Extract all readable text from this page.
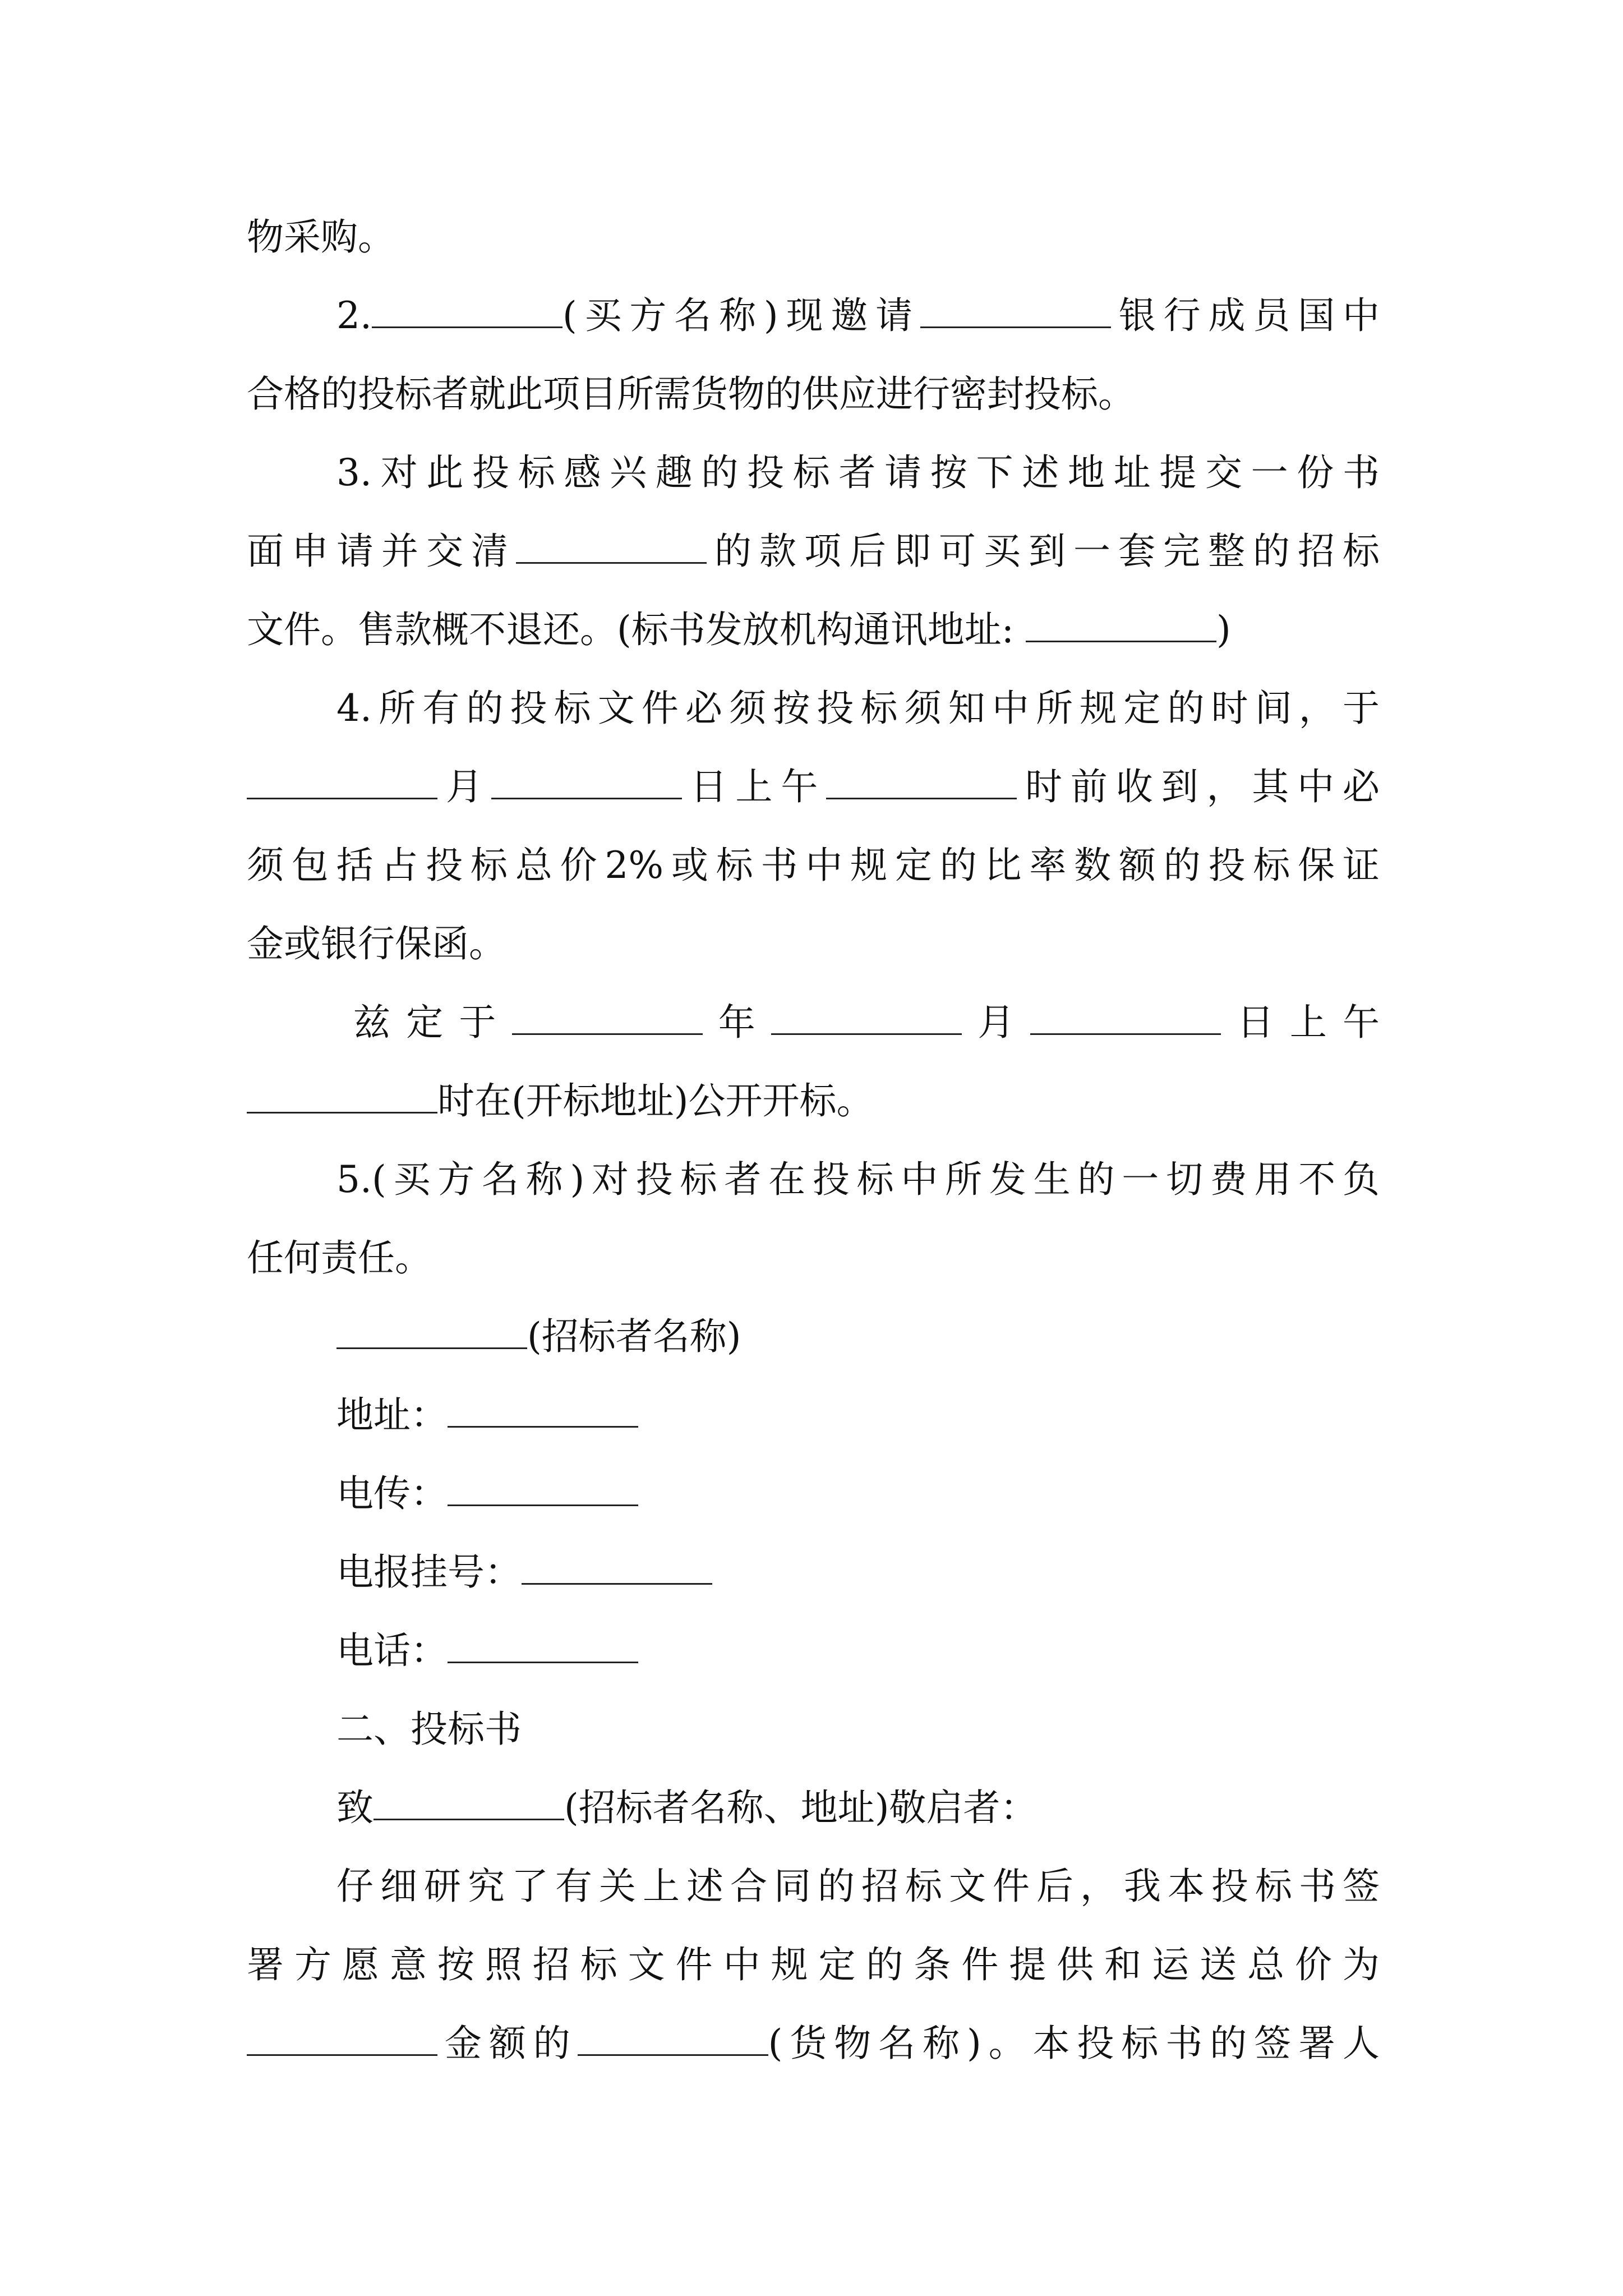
物采购。
2.	(买方名称)现邀请	银行成员国中
合格的投标者就此项目所需货物的供应进行密封投标。
3.对此投标感兴趣的投标者请按下述地址提交一份书
面申请并交清	的款项后即可买到一套完整的招标
文件。售款概不退还。(标书发放机构通讯地址:	)
4.所有的投标文件必须按投标须知中所规定的时间，于
月	日上午	时前收到，其中必
须包括占投标总价2%或标书中规定的比率数额的投标保证
金或银行保函。
兹定于	年	月	日上午
时在(开标地址)公开开标。
5.(买方名称)对投标者在投标中所发生的一切费用不负
任何责任。
(招标者名称)
地址：
电传：
电报挂号：
电话：
二、投标书
致	(招标者名称、地址)敬启者：
仔细研究了有关上述合同的招标文件后，我本投标书签
署方愿意按照招标文件中规定的条件提供和运送总价为
金额的	(货物名称)。本投标书的签署人
